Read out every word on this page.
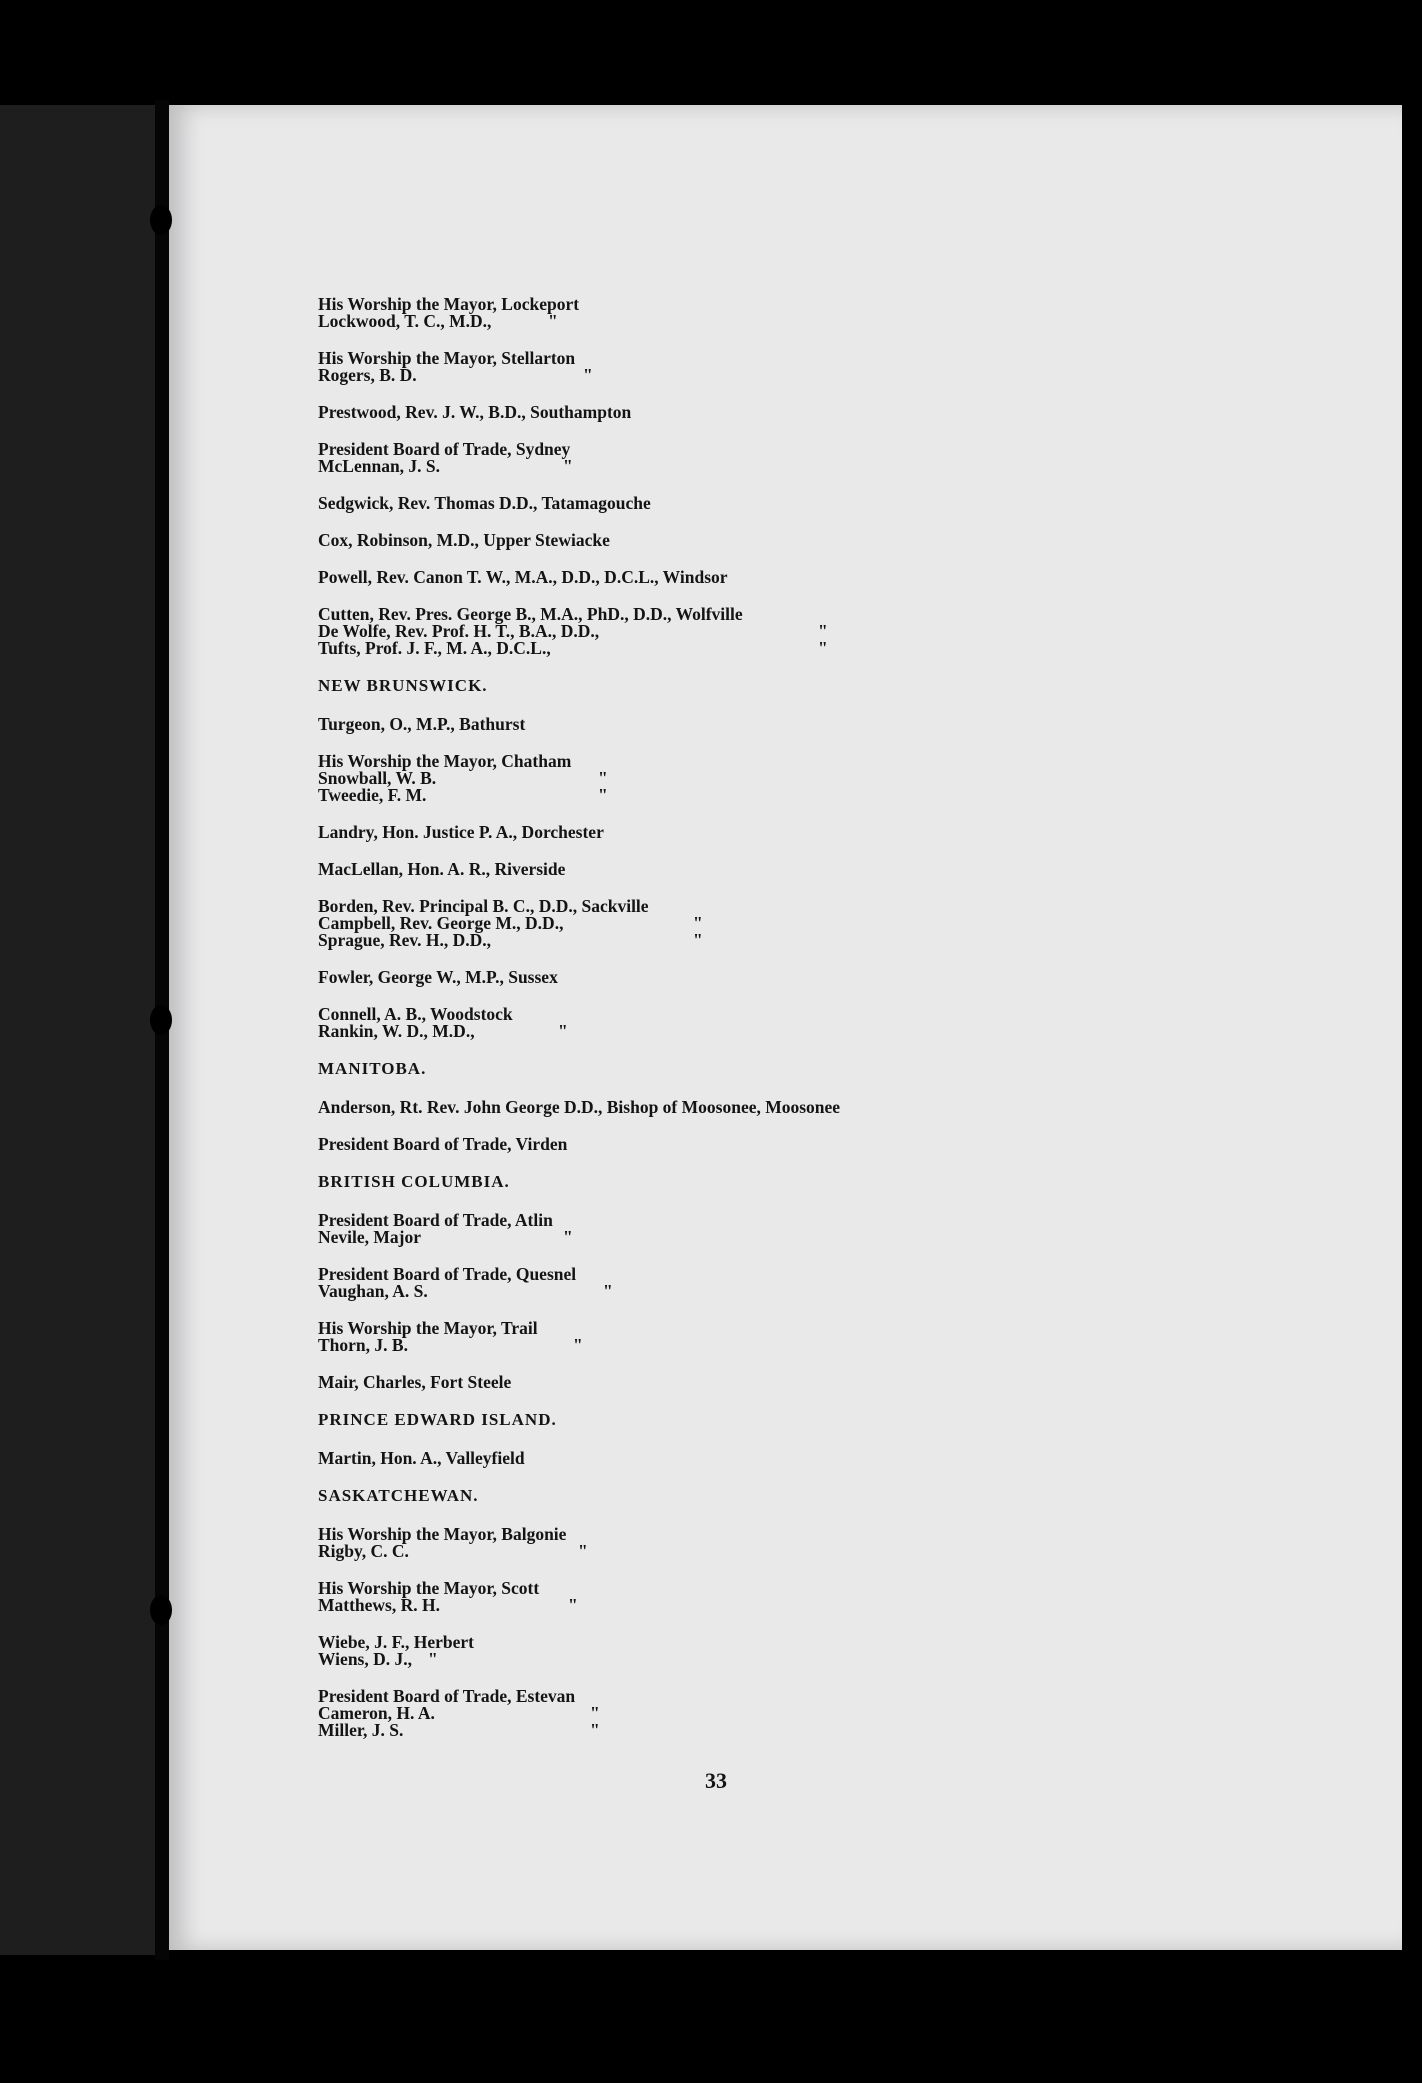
His Worship the Mayor, Lockeport
Lockwood, T. C., M.D.,	"
His Worship the Mayor, Stellarton
Rogers, B. D.	"
Prestwood, Rev. J. W., B.D., Southampton
President Board of Trade, Sydney
McLennan, J. S.	"
Sedgwick, Rev. Thomas D.D., Tatamagouche
Cox, Robinson, M.D., Upper Stewiacke
Powell, Rev. Canon T. W., M.A., D.D., D.C.L., Windsor
Cutten, Rev. Pres. George B., M.A., PhD., D.D., Wolfville
De Wolfe, Rev. Prof. H. T., B.A., D.D.,	"
Tufts, Prof. J. F., M. A., D.C.L.,	"
NEW BRUNSWICK.
Turgeon, O., M.P., Bathurst
His Worship the Mayor, Chatham
Snowball, W. B.	"
Tweedie, F. M.	"
Landry, Hon. Justice P. A., Dorchester
MacLellan, Hon. A. R., Riverside
Borden, Rev. Principal B. C., D.D., Sackville
Campbell, Rev. George M., D.D.,	"
Sprague, Rev. H., D.D.,	"
Fowler, George W., M.P., Sussex
Connell, A. B., Woodstock
Rankin, W. D., M.D.,	"
MANITOBA.
Anderson, Rt. Rev. John George D.D., Bishop of Moosonee, Moosonee
President Board of Trade, Virden
BRITISH COLUMBIA.
President Board of Trade, Atlin
Nevile, Major	"
President Board of Trade, Quesnel
Vaughan, A. S.	"
His Worship the Mayor, Trail
Thorn, J. B.	"
Mair, Charles, Fort Steele
PRINCE EDWARD ISLAND.
Martin, Hon. A., Valleyfield
SASKATCHEWAN.
His Worship the Mayor, Balgonie
Rigby, C. C.	"
His Worship the Mayor, Scott
Matthews, R. H.	"
Wiebe, J. F., Herbert
Wiens, D. J., "
President Board of Trade, Estevan
Cameron, H. A.	"
Miller, J. S.	"
33
